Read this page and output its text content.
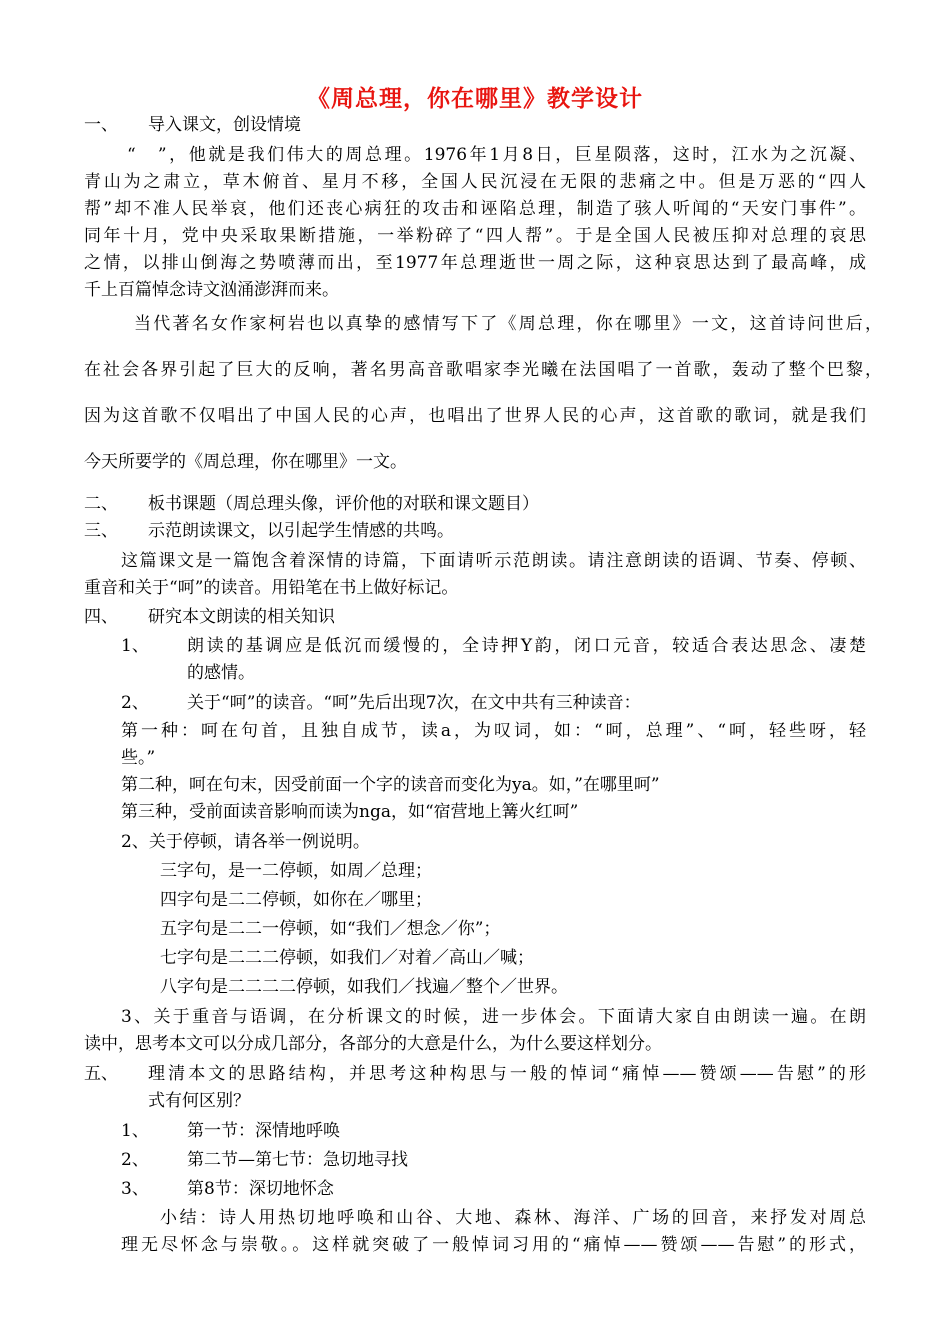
《周总理，你在哪里》教学设计
一、 导入课文，创设情境
“　”，他就是我们伟大的周总理。1976年1月8日，巨星陨落，这时，江水为之沉凝、
青山为之肃立，草木俯首、星月不移，全国人民沉浸在无限的悲痛之中。但是万恶的“四人
帮”却不准人民举哀，他们还丧心病狂的攻击和诬陷总理，制造了骇人听闻的“天安门事件”。
同年十月，党中央采取果断措施，一举粉碎了“四人帮”。于是全国人民被压抑对总理的哀思
之情，以排山倒海之势喷薄而出，至1977年总理逝世一周之际，这种哀思达到了最高峰，成
千上百篇悼念诗文汹涌澎湃而来。
当代著名女作家柯岩也以真挚的感情写下了《周总理，你在哪里》一文，这首诗问世后，
在社会各界引起了巨大的反响，著名男高音歌唱家李光曦在法国唱了一首歌，轰动了整个巴黎，
因为这首歌不仅唱出了中国人民的心声，也唱出了世界人民的心声，这首歌的歌词，就是我们
今天所要学的《周总理，你在哪里》一文。
二、 板书课题（周总理头像，评价他的对联和课文题目）
三、 示范朗读课文，以引起学生情感的共鸣。
这篇课文是一篇饱含着深情的诗篇，下面请听示范朗读。请注意朗读的语调、节奏、停顿、
重音和关于“呵”的读音。用铅笔在书上做好标记。
四、 研究本文朗读的相关知识
1、 朗读的基调应是低沉而缓慢的，全诗押Y韵，闭口元音，较适合表达思念、凄楚
的感情。
2、 关于“呵”的读音。“呵”先后出现7次，在文中共有三种读音：
第一种：呵在句首，且独自成节，读a，为叹词，如：“呵，总理”、“呵，轻些呀，轻
些。”
第二种，呵在句末，因受前面一个字的读音而变化为ya。如，”在哪里呵”
第三种，受前面读音影响而读为nga，如“宿营地上篝火红呵”
2、关于停顿，请各举一例说明。
三字句，是一二停顿，如周／总理；
四字句是二二停顿，如你在／哪里；
五字句是二二一停顿，如“我们／想念／你”；
七字句是二二二停顿，如我们／对着／高山／喊；
八字句是二二二二停顿，如我们／找遍／整个／世界。
3、关于重音与语调，在分析课文的时候，进一步体会。下面请大家自由朗读一遍。在朗
读中，思考本文可以分成几部分，各部分的大意是什么，为什么要这样划分。
五、 理清本文的思路结构，并思考这种构思与一般的悼词“痛悼——赞颂——告慰”的形
式有何区别？
1、 第一节：深情地呼唤
2、 第二节—第七节：急切地寻找
3、 第8节：深切地怀念
小结：诗人用热切地呼唤和山谷、大地、森林、海洋、广场的回音，来抒发对周总
理无尽怀念与崇敬。。这样就突破了一般悼词习用的“痛悼——赞颂——告慰”的形式，
